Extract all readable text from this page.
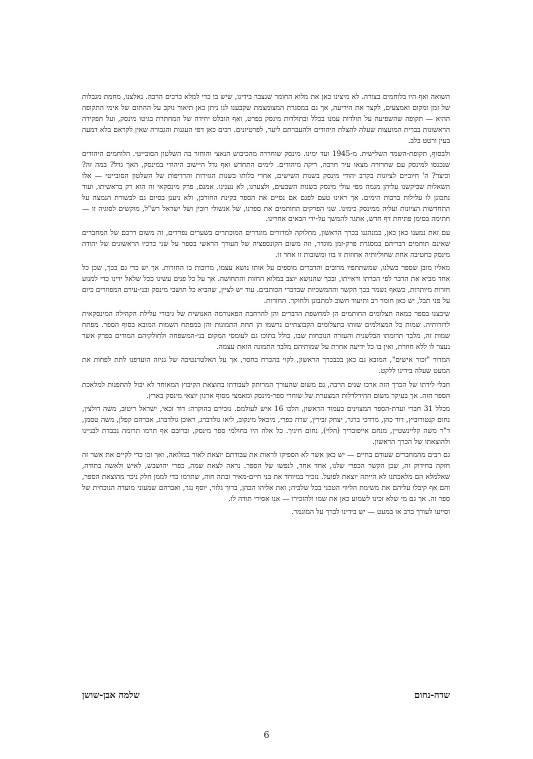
השואה ואף היו בלוחמים בצורה. לא מיצינו כאן את מלוא החומר שנצבר בידינו, שיש בו כדי למלא כרכים הרבה. נאלצנו, מחמת מגבלות של זמן ומקום ואמצעים, לקצר את היריעה, אך גם במסגרת המצומצמת שקבענו לנו ניתן כאן תיאור נוקב על ההתום של אימי התקופה ההיא — תקופה שהשפיעה על תולדות עמנו בכלל ובתולדות מינסק בפרט, ואף הובלט יחידה של המחתרת בגיטו מינסק, ועל תפקידה הראשונות בברית המועצות שעלה להצלת היהודים ולהעברתם ליער, לפרטיזנים. רבים כאן דפי העגנות והגבורה שאין לקראם בלא דמעה בעין ורטט בלב.

ולבסוף, תקופת-השמד השלישית. מ-1945 ועד ימינו. מינסק שוחררה מהכיבוש הנאצי והוחזר בה השלטון הסובייטי. הלוחמים היהודים שנכנסו למינסק עם שחרורה מצאו עיר חרבה, ריקה מיהודים. לימים התחדש ואף גדל היישוב היהודי במינסק, האך גדל? במה זה? וכיצד? ה' חיוביים לציונות בקרב יהודי מינסק בשנות השישים, אחרי בלותו בשנות הגזירות והרדיפות של השלטון הסובייטי — אלו השאלות שביקשנו עליהן מגמה מפי עולי מינסק בשנות השבעים, ולצערנו, לא נענינו. אמנם, פרק מינסקאי זה הוא רק בראשיתו, ועוד נתכונן לו עלילות ברבות הימים. אך ראינו טעם לפגם אם נסיים את הספר בקינת החורבן, ולא ניענן בסיום גם לבשורת הנמצה על התחדשות הציונות ועליה ממינסק כימינו. שני הפרקים החותמים את ספרנו, של אנשולי רובין ושל ישראל רש"ל, מוקשים לסוגיה זו — חתימה בסימן פתיחת דף חדש, אתגר להמשך על-ידי הבאים אחרינו.

עם זאת נמענו כאן כאן, כמנהגנו בכרך הראשון, מחלוקה למדורים מוגדרים המוכתרים בשערים נפרדים, זה משום דרכם של המחברים שאינם תוחמים דבריהם במסגרת פרק-זמן מוגדר, וזה משום הקונספציה של העורך הראשי בספר על שני כרכיו הראשונים של יהודה מינסק כחטיבה אחת שחוליותיה אחוזות זו בזו ומשובות זו אחר זו.

מאליו מובן שספר כשלנו, שמשתתפיו מרובים והדברים מוספים על אותו נושא עצמו, מרובות בו החזרות. אך יש כדי גם בכך, שכן כל אחד מביא את הדבר לפי הכרתו וראייתו, ובכך שהנושא יוצב במלוא החזות והתחושה. אך על כל פנים עשינו ככל שלאל ידינו כדי למנוע חזרות מיותרות, כשאף נשמר בכך הקשר וההמשכיות שבדברי הכותבים. עוד יש לציין, שהביא כל תושבי מינסק ובני-עירם המפוזרים כיום על פני תבל, יש כאן חומר רב ותיעוד חשוב למתבונן ולחוקר. החזרות.

שיבצנו בספר כמאה תצלומים החותמים הן למחשפת הדברים והן להרחבת הפאנורמה האנושית של גיבורי עלילת הקהילה המינסקאית לדורותיה. שמות כל המצולמים שזוהו בתצלומים הקבוצתיים נרשמו הן תחת התמונות והן במפתח השמות המובא בסוף הספר. מפתח שמות זה, מלבד תרומתו הבלשנית והעזרה הנוכחות שבו, כולל בתוכו גם לעומסי המקום בני-המשפחה ולחולקיהם המודים בפרק אשר נעצר לו ללא חוזרת, ואין בו כל ידיעה אחרת על שמותיהם מלבד התמונה הזאת עצמה.

המדור "זכור אישים", המובא גם כאן בכבכרך הראשון, לקוי בהכרח בחסר, אך על האלטרנטיבה של גניזה הועדפנו לתת לפחות את המעט שעלה בידינו ללקט.

חבלי לידתו של הכרך הזה ארכו שנים הרבה, גם משום שהעורך המרותק לעבודתו בהוצאת הקיבוץ המאוחד לא יכול להתפנות למלאכת הספר הזה. אך בעיקר משום ההידלדלות המצערת של שוחרי ספר-מינסק ומאמצי מסוף ארגון יוצאי מינסק בארץ.

מכלל 31 חברי ועדת-הספר המצוינים בעמוד הראשון, הלכו 16 איש לעולמם. נזכירם בהוקרה: דוד זכאי, ישראל ריטוב, משה דולצין, נחום קנטורוביץ, דוד כהן, מרדכי ברגר, יצחק זבירין, שרה כפרי, מיכאל מינקוב, ליאו גולדברג, ראובן גולדברג, אברהם קפלן, משה טסמן, ד"ר משה קליינשטיין, מנחם אייפובריך (הלוי), נחום חיניך. כל אלה היו בחולמי ספר מינסק, וברובם אף תרמו תרומה נכבדת לבניינו ולהוצאתו של הכרך הראשון.

גם רבים מהמחברים שעודם בחיים — יש כאן אשר לא הספיקו לראות את עבודתם יוצאת לאור במלואה, ואך זכו כדי לקיים את אשר זה חזקה בחידוק זה, שכן הקשר הכפרי שלנו, אחד אחד, לנפשו של הספר. נראה לצאת שמה, כפרי יהושבש, לאיש ולאשה בתודה, שאלמלא הם מלאכתנו לא הייתה יוצאת לפועל. נזכיר במיוחד את בני חיים-מאיר ובתה חוה, שתרמו כדי לממן חלק ניכר מהוצאת הספר, והם אף קיבלו עליהם את משימת הליווי הטכני בכל שלביה; ואת אליהו הכהן, ברוך גלזר, יוסף נגר, ואברהם שמעוני מועדה הנוכחית של ספר זה. אך גם מי שלא זכינו לשמוע כאן את שמו ולהזכירו — אנו אסירי תודה לו.

וסייעו לעורך ברב או במעט — יש בידינו לברך על המוגמר.

שדה-נחום
שלמה אבן-שושן
6
